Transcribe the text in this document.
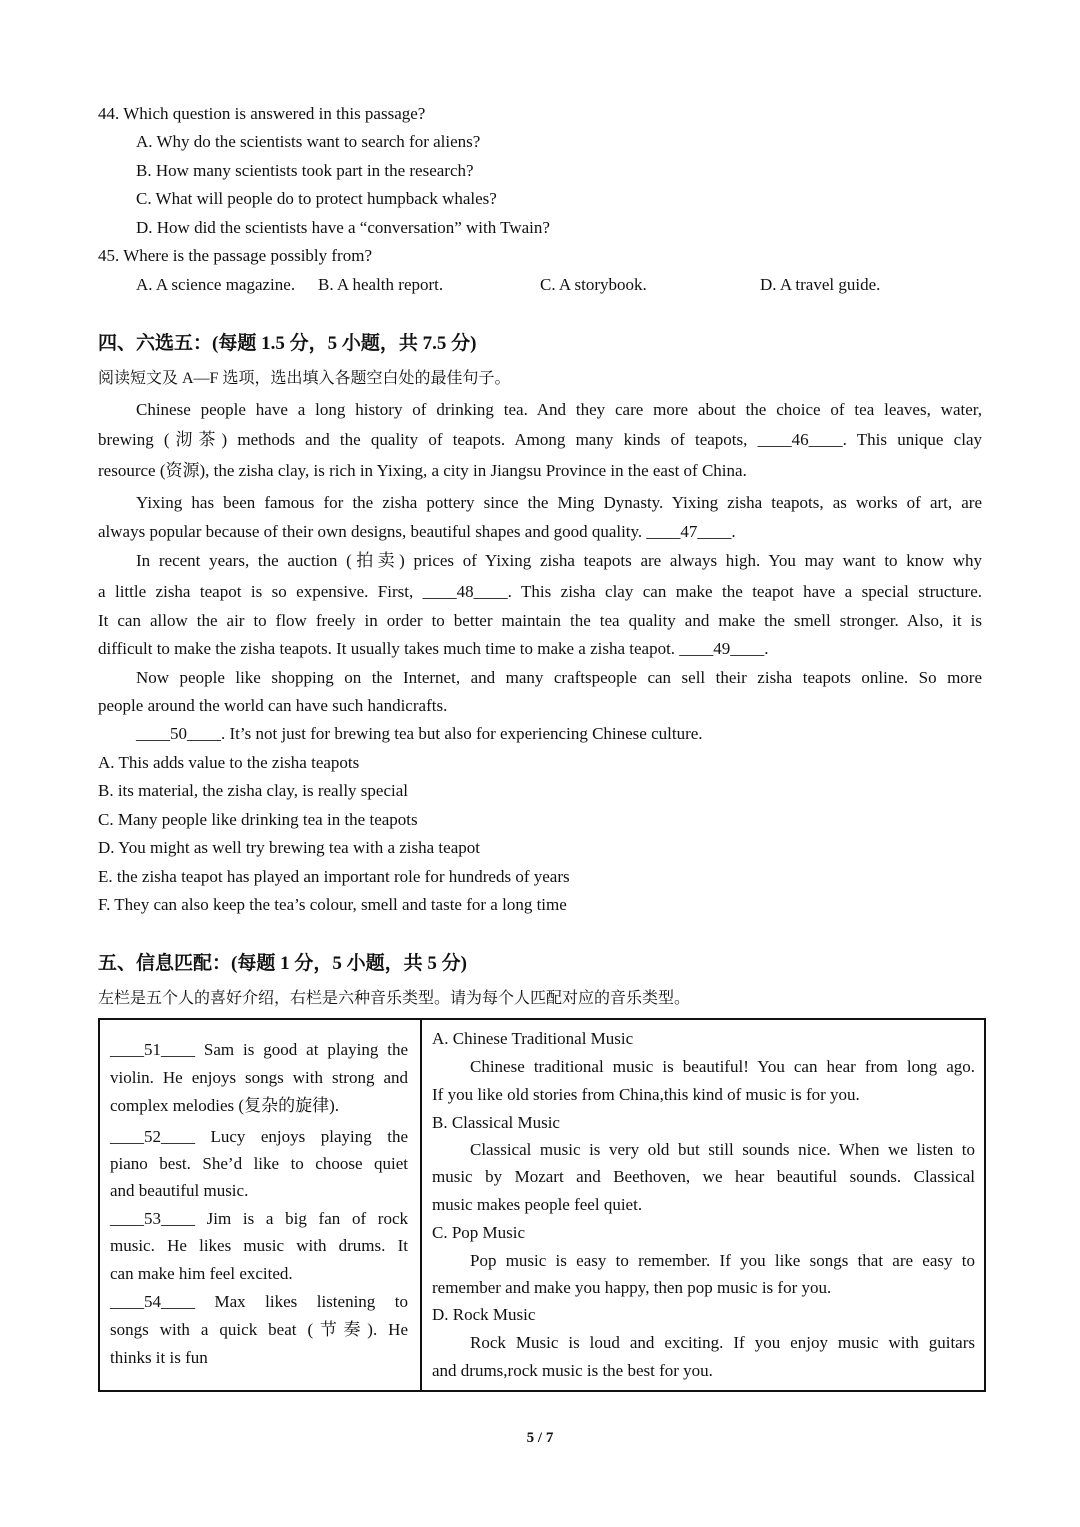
44. Which question is answered in this passage?
A. Why do the scientists want to search for aliens?
B. How many scientists took part in the research?
C. What will people do to protect humpback whales?
D. How did the scientists have a “conversation” with Twain?
45. Where is the passage possibly from?
A. A science magazine. B. A health report.	C. A storybook.	D. A travel guide.
四、六选五：(每题 1.5 分，5 小题，共 7.5 分)
阅读短文及 A—F 选项，选出填入各题空白处的最佳句子。
Chinese people have a long history of drinking tea. And they care more about the choice of tea leaves, water,
brewing (沏茶) methods and the quality of teapots. Among many kinds of teapots, ____46____. This unique clay
resource (资源), the zisha clay, is rich in Yixing, a city in Jiangsu Province in the east of China.
Yixing has been famous for the zisha pottery since the Ming Dynasty. Yixing zisha teapots, as works of art, are
always popular because of their own designs, beautiful shapes and good quality. ____47____.
In recent years, the auction (拍卖) prices of Yixing zisha teapots are always high. You may want to know why
a little zisha teapot is so expensive. First, ____48____. This zisha clay can make the teapot have a special structure.
It can allow the air to flow freely in order to better maintain the tea quality and make the smell stronger. Also, it is
difficult to make the zisha teapots. It usually takes much time to make a zisha teapot. ____49____.
Now people like shopping on the Internet, and many craftspeople can sell their zisha teapots online. So more
people around the world can have such handicrafts.
____50____. It’s not just for brewing tea but also for experiencing Chinese culture.
A. This adds value to the zisha teapots
B. its material, the zisha clay, is really special
C. Many people like drinking tea in the teapots
D. You might as well try brewing tea with a zisha teapot
E. the zisha teapot has played an important role for hundreds of years
F. They can also keep the tea’s colour, smell and taste for a long time
五、信息匹配：(每题 1 分，5 小题，共 5 分)
左栏是五个人的喜好介绍，右栏是六种音乐类型。请为每个人匹配对应的音乐类型。
____51____ Sam is good at playing the
violin. He enjoys songs with strong and
complex melodies (复杂的旋律).
____52____ Lucy enjoys playing the
piano best. She’d like to choose quiet
and beautiful music.
____53____ Jim is a big fan of rock
music. He likes music with drums. It
can make him feel excited.
____54____ Max likes listening to
songs with a quick beat (节奏). He
thinks it is fun

A. Chinese Traditional Music
Chinese traditional music is beautiful! You can hear from long ago.
If you like old stories from China,this kind of music is for you.
B. Classical Music
Classical music is very old but still sounds nice. When we listen to
music by Mozart and Beethoven, we hear beautiful sounds. Classical
music makes people feel quiet.
C. Pop Music
Pop music is easy to remember. If you like songs that are easy to
remember and make you happy, then pop music is for you.
D. Rock Music
Rock Music is loud and exciting. If you enjoy music with guitars
and drums,rock music is the best for you.
5 / 7
